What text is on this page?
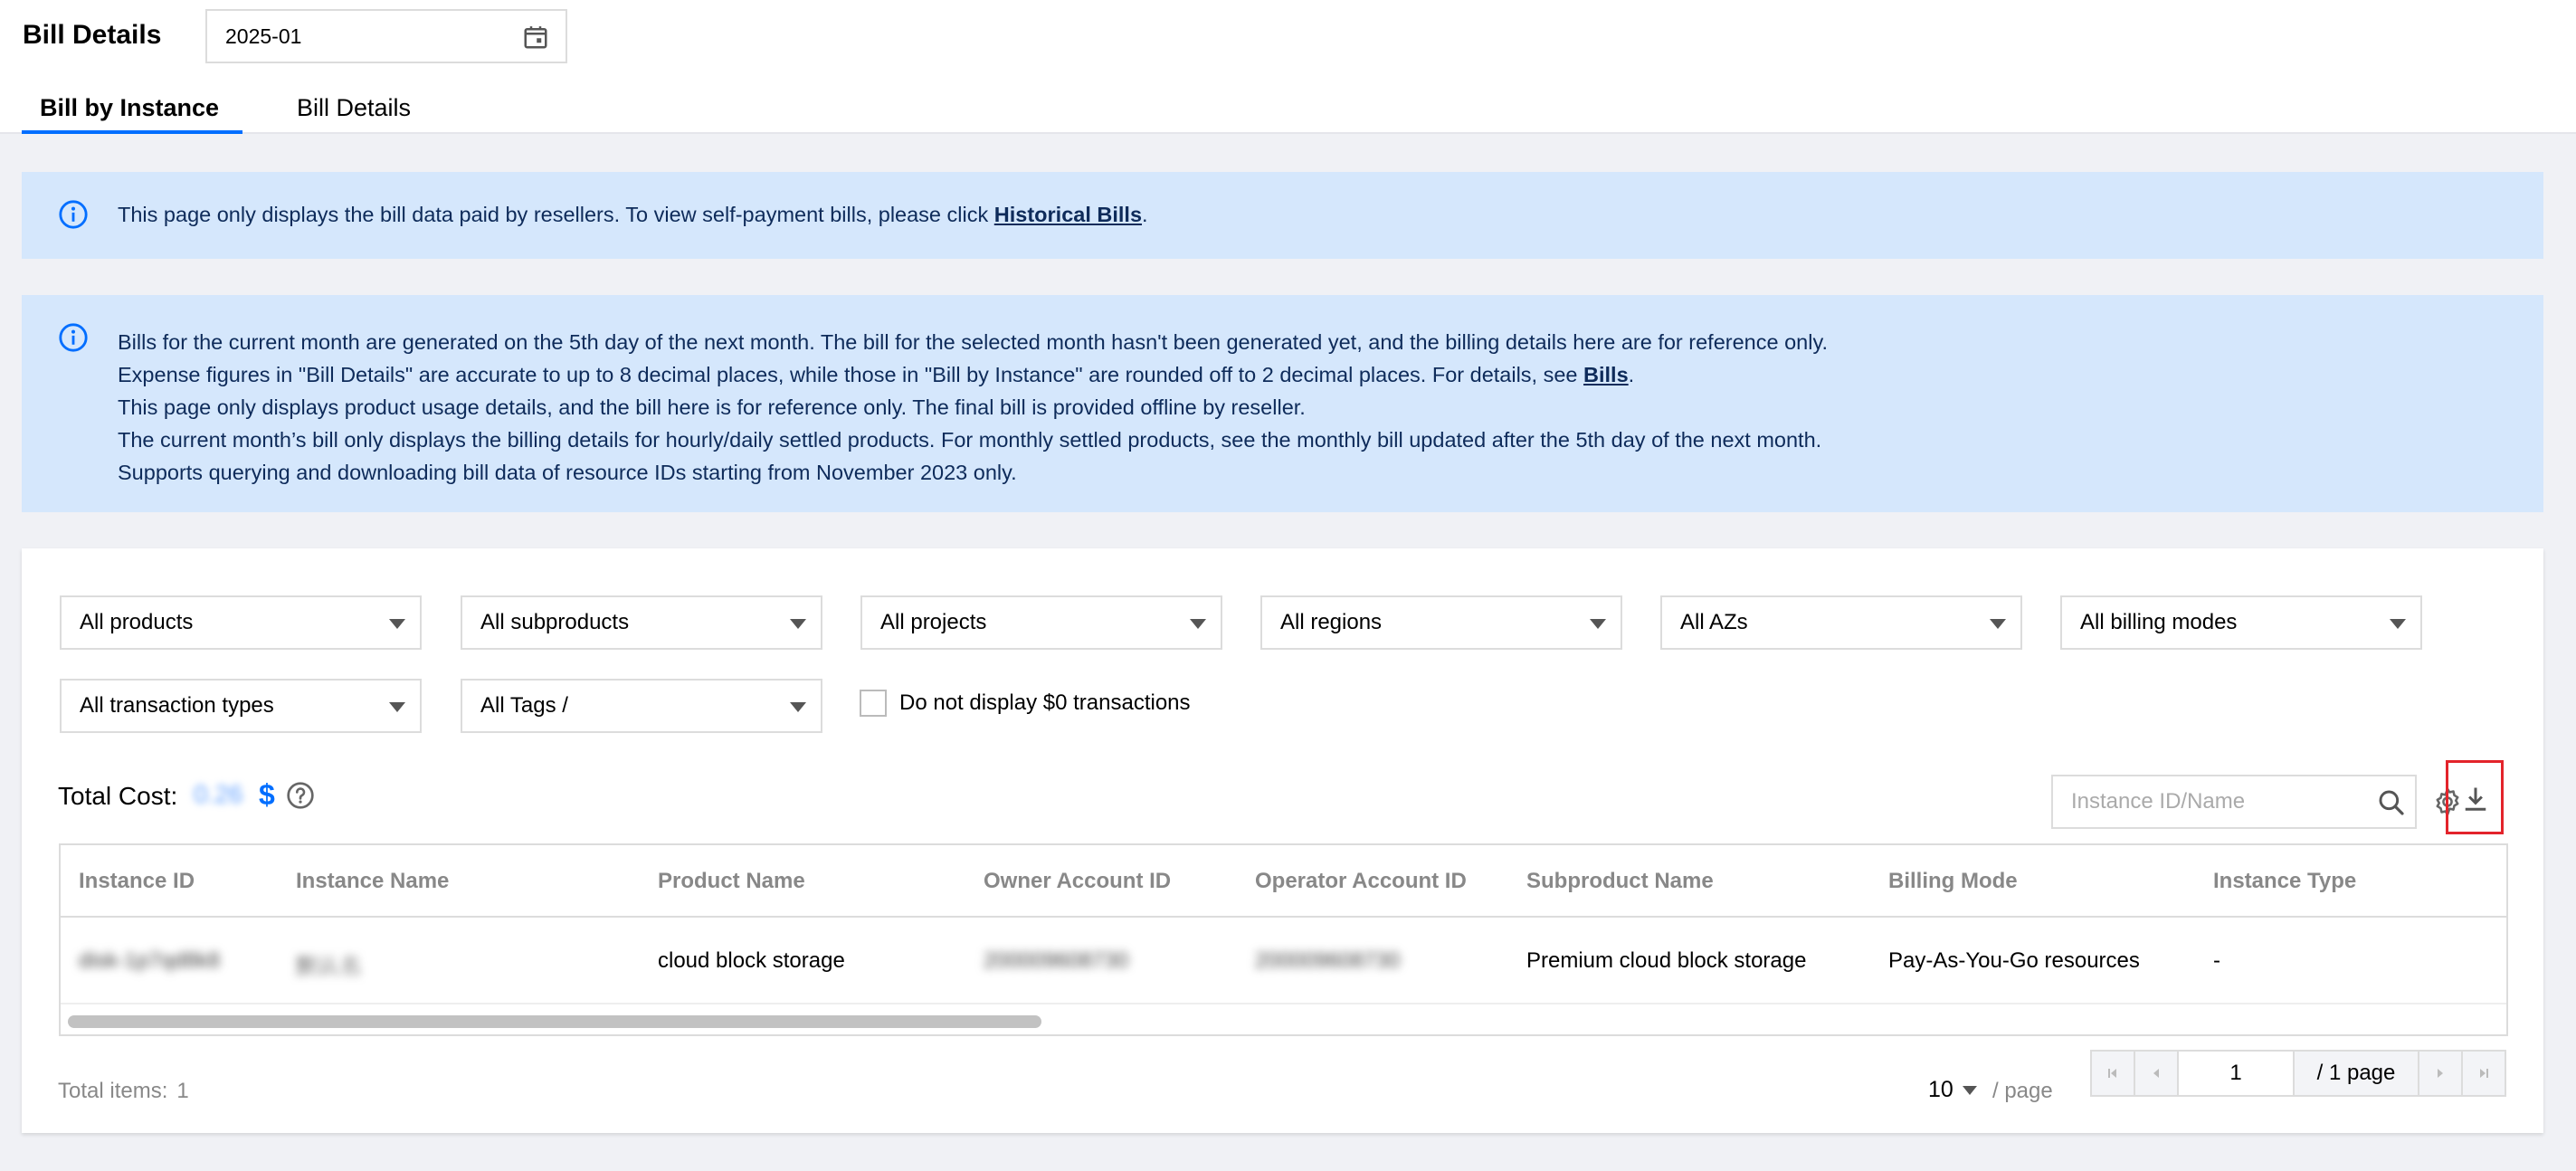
Bill Details	2025-01
Bill by Instance	Bill Details
This page only displays the bill data paid by resellers. To view self-payment bills, please click Historical Bills.
Bills for the current month are generated on the 5th day of the next month. The bill for the selected month hasn't been generated yet, and the billing details here are for reference only.
Expense figures in "Bill Details" are accurate to up to 8 decimal places, while those in "Bill by Instance" are rounded off to 2 decimal places. For details, see Bills.
This page only displays product usage details, and the bill here is for reference only. The final bill is provided offline by reseller.
The current month’s bill only displays the billing details for hourly/daily settled products. For monthly settled products, see the monthly bill updated after the 5th day of the next month.
Supports querying and downloading bill data of resource IDs starting from November 2023 only.
All products	All subproducts	All projects	All regions	All AZs	All billing modes
All transaction types	All Tags /	Do not display $0 transactions
Total Cost: 0.26 $
Instance ID/Name
Instance ID	Instance Name	Product Name	Owner Account ID	Operator Account ID	Subproduct Name	Billing Mode	Instance Type
disk-1p7qd8k8	默认名	cloud block storage	200009608730	200009608730	Premium cloud block storage	Pay-As-You-Go resources	-
Total items: 1	10 / page
1	/ 1 page
